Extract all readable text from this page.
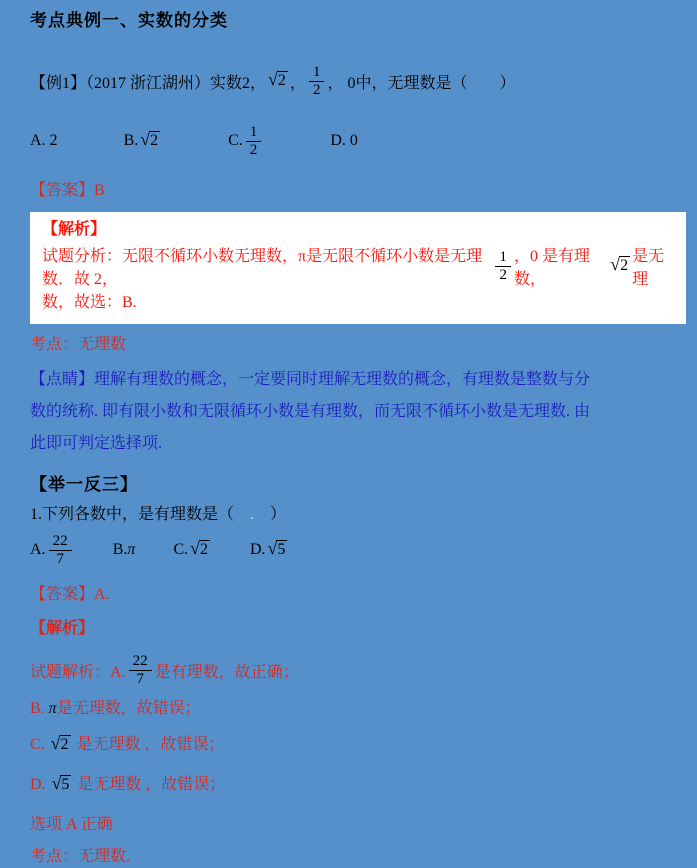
考点典例一、实数的分类
【例1】（2017 浙江湖州）实数2， √ 2 ， $\frac{1}{2}$ ， 0中，无理数是（　　）
A. 2	B. √ 2	C. $\frac{1}{2}$	D. 0
【答案】B
【解析】
试题分析：无限不循环小数无理数，π是无限不循环小数是无理数．故 2，	$\frac{1}{2}$ ，0 是有理数，
√ 2
是无理
数，故选：B.
考点：无理数
【点睛】理解有理数的概念，一定要同时理解无理数的概念，有理数是整数与分
数的统称. 即有限小数和无限循环小数是有理数，而无限不循环小数是无理数. 由
此即可判定选择项.
【举一反三】
1.下列各数中，是有理数是（　.　）
A. $\frac{22}{7}$	B. π C. √ 2	D. √ 5
【答案】A.
【解析】
试题解析：A. $\frac{22}{7}$ 是有理数，故正确；
B. π是无理数，故错误；
C. √ 2 是无理数 ，故错误；
D. √ 5 是无理数 ，故错误；
选项 A 正确
考点：无理数.
